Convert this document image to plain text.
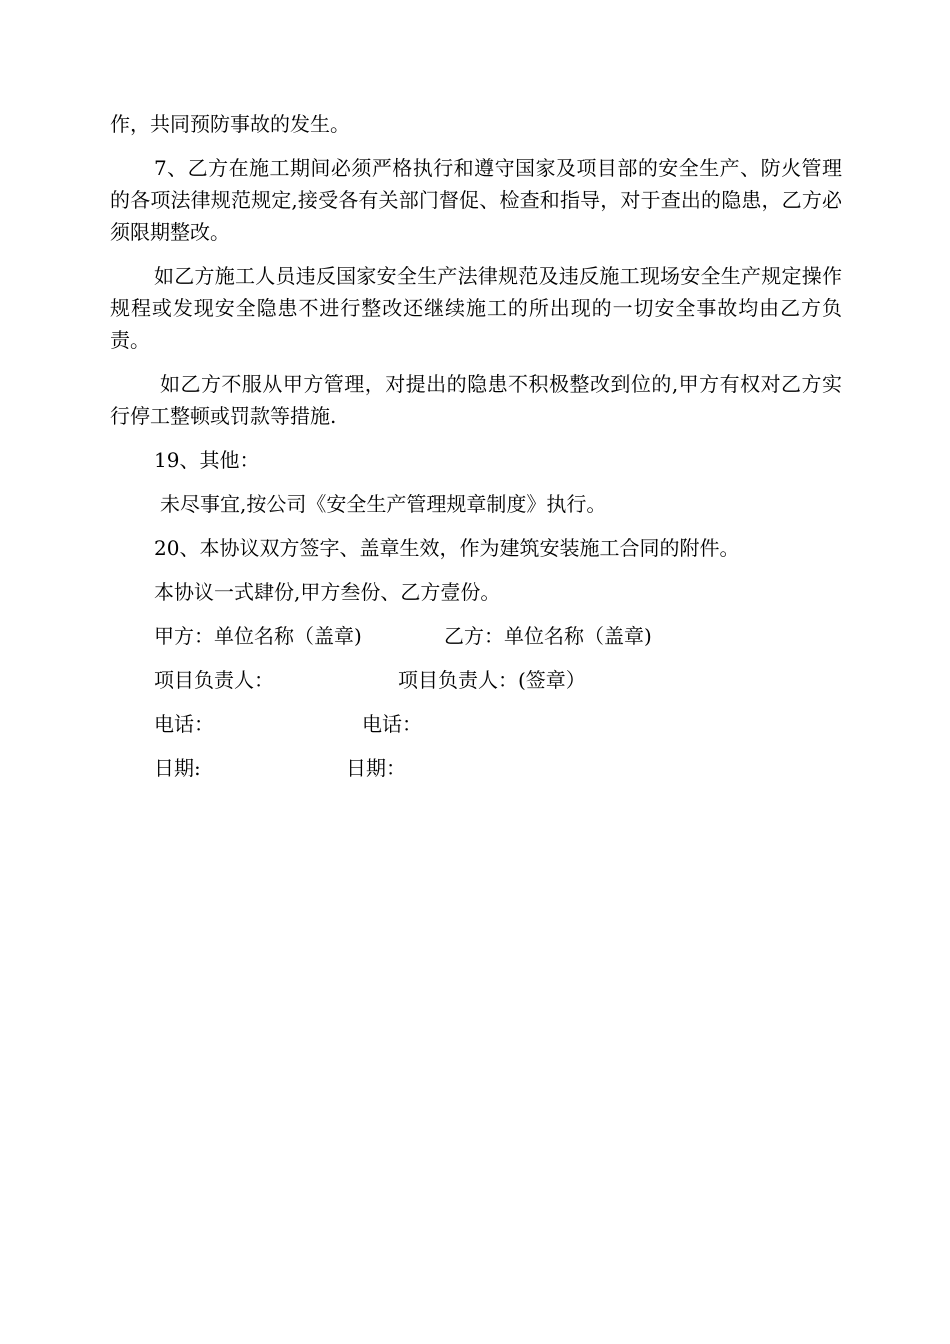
作，共同预防事故的发生。

7、乙方在施工期间必须严格执行和遵守国家及项目部的安全生产、防火管理的各项法律规范规定,接受各有关部门督促、检查和指导，对于查出的隐患，乙方必须限期整改。

如乙方施工人员违反国家安全生产法律规范及违反施工现场安全生产规定操作规程或发现安全隐患不进行整改还继续施工的所出现的一切安全事故均由乙方负责。

如乙方不服从甲方管理，对提出的隐患不积极整改到位的,甲方有权对乙方实行停工整顿或罚款等措施.

19、其他：

未尽事宜,按公司《安全生产管理规章制度》执行。

20、本协议双方签字、盖章生效，作为建筑安装施工合同的附件。

本协议一式肆份,甲方叁份、乙方壹份。

甲方：单位名称（盖章)	乙方：单位名称（盖章)
项目负责人：	项目负责人：(签章）
电话：	电话：
日期:	日期：
